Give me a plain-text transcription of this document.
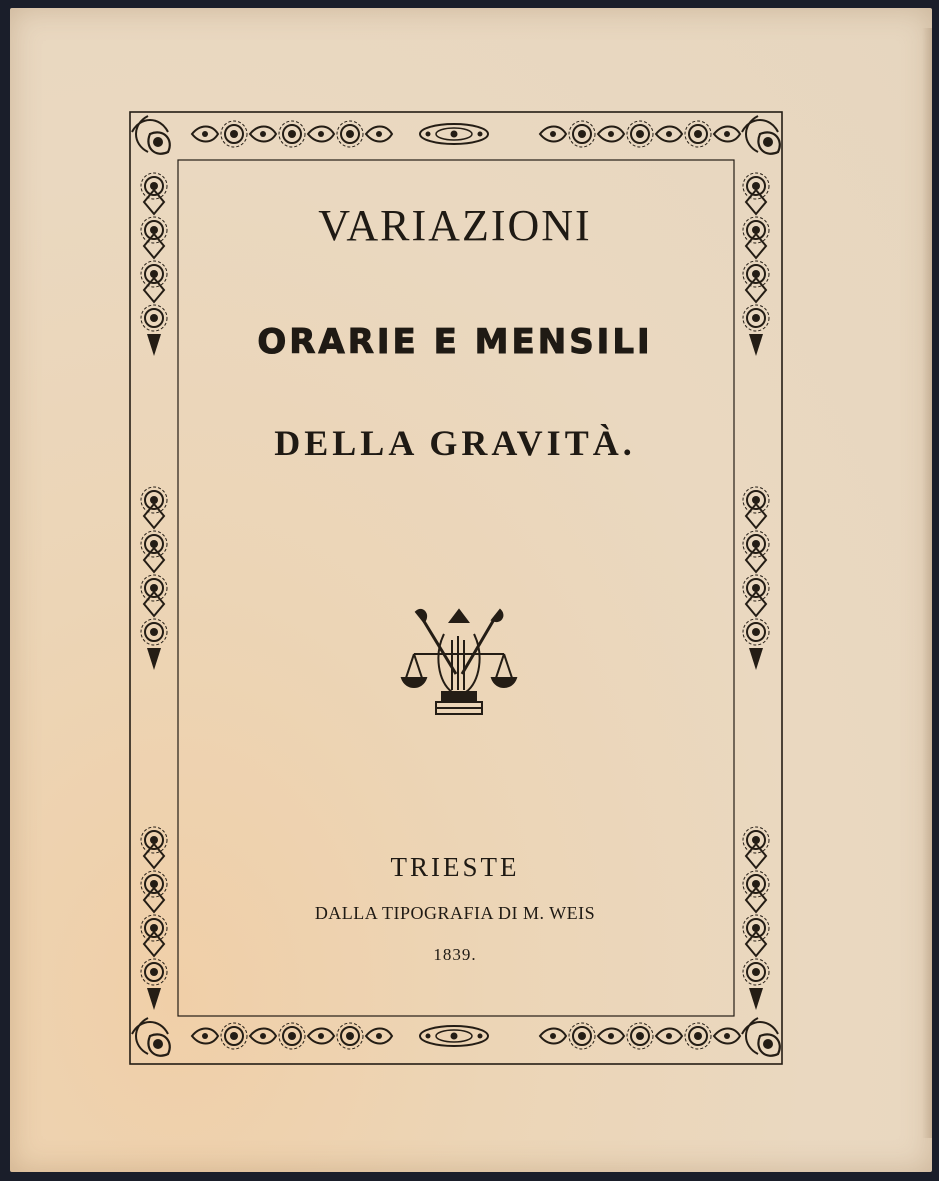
VARIAZIONI
ORARIE E MENSILI
DELLA GRAVITÀ.
TRIESTE
DALLA TIPOGRAFIA DI M. WEIS
1839.
